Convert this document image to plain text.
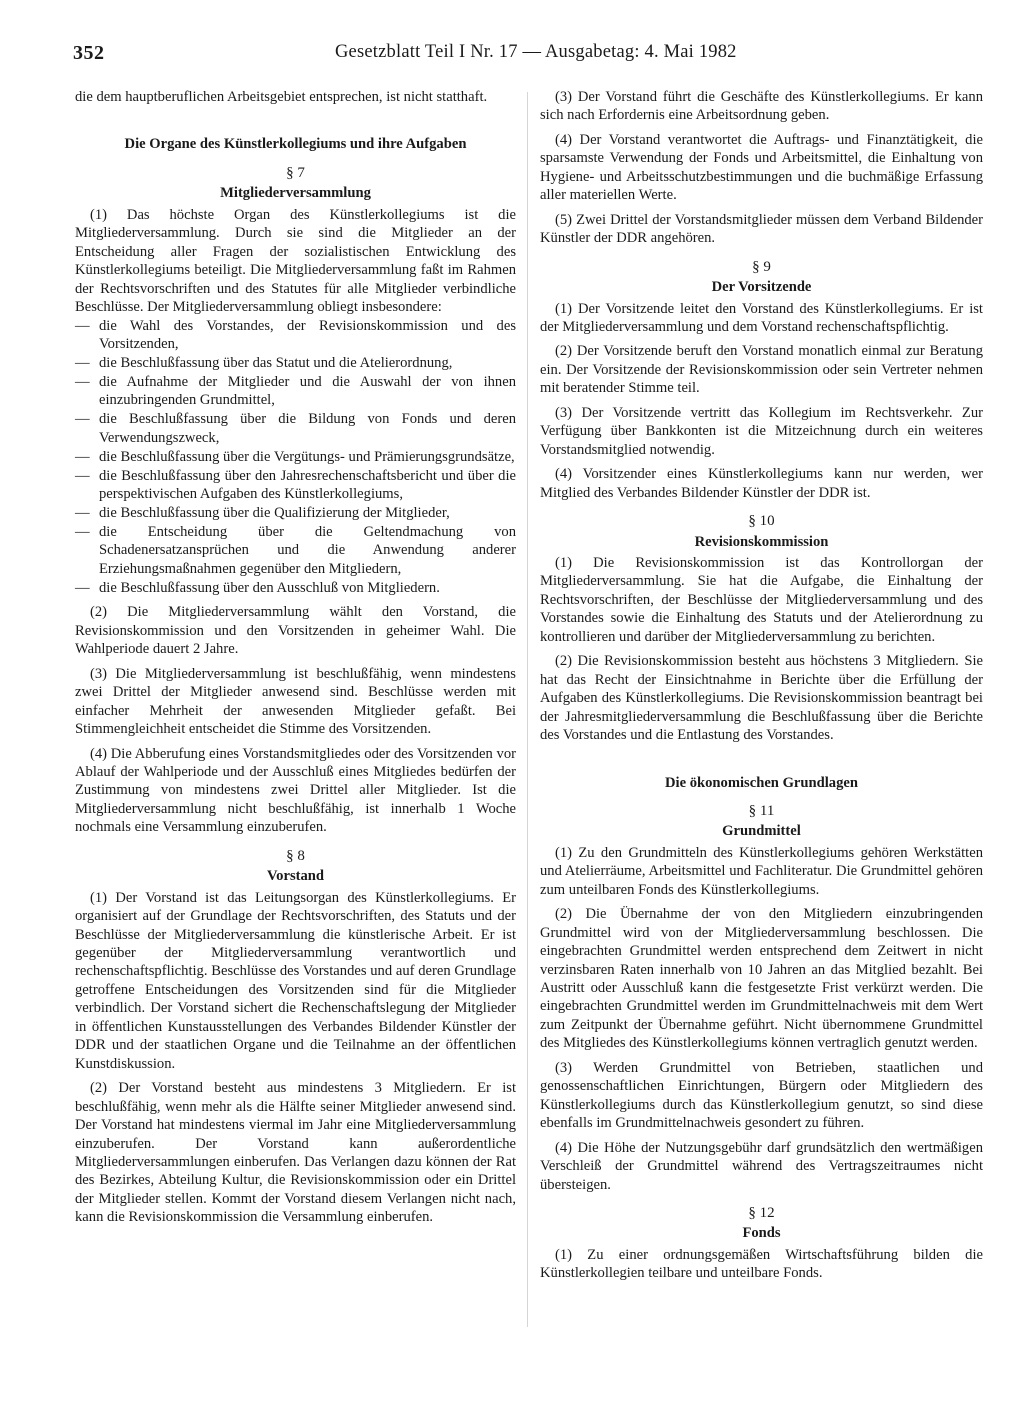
352	Gesetzblatt Teil I Nr. 17 — Ausgabetag: 4. Mai 1982

die dem hauptberuflichen Arbeitsgebiet entsprechen, ist nicht statthaft.

Die Organe des Künstlerkollegiums und ihre Aufgaben
§ 7
Mitgliederversammlung

(1) Das höchste Organ des Künstlerkollegiums ist die Mitgliederversammlung. Durch sie sind die Mitglieder an der Entscheidung aller Fragen der sozialistischen Entwicklung des Künstlerkollegiums beteiligt. Die Mitgliederversammlung faßt im Rahmen der Rechtsvorschriften und des Statutes für alle Mitglieder verbindliche Beschlüsse. Der Mitgliederversammlung obliegt insbesondere:

— die Wahl des Vorstandes, der Revisionskommission und des Vorsitzenden,
— die Beschlußfassung über das Statut und die Atelierordnung,
— die Aufnahme der Mitglieder und die Auswahl der von ihnen einzubringenden Grundmittel,
— die Beschlußfassung über die Bildung von Fonds und deren Verwendungszweck,
— die Beschlußfassung über die Vergütungs- und Prämierungsgrundsätze,
— die Beschlußfassung über den Jahresrechenschaftsbericht und über die perspektivischen Aufgaben des Künstlerkollegiums,
— die Beschlußfassung über die Qualifizierung der Mitglieder,
— die Entscheidung über die Geltendmachung von Schadenersatzansprüchen und die Anwendung anderer Erziehungsmaßnahmen gegenüber den Mitgliedern,
— die Beschlußfassung über den Ausschluß von Mitgliedern.

(2) Die Mitgliederversammlung wählt den Vorstand, die Revisionskommission und den Vorsitzenden in geheimer Wahl. Die Wahlperiode dauert 2 Jahre.

(3) Die Mitgliederversammlung ist beschlußfähig, wenn mindestens zwei Drittel der Mitglieder anwesend sind. Beschlüsse werden mit einfacher Mehrheit der anwesenden Mitglieder gefaßt. Bei Stimmengleichheit entscheidet die Stimme des Vorsitzenden.

(4) Die Abberufung eines Vorstandsmitgliedes oder des Vorsitzenden vor Ablauf der Wahlperiode und der Ausschluß eines Mitgliedes bedürfen der Zustimmung von mindestens zwei Drittel aller Mitglieder. Ist die Mitgliederversammlung nicht beschlußfähig, ist innerhalb 1 Woche nochmals eine Versammlung einzuberufen.

§ 8
Vorstand

(1) Der Vorstand ist das Leitungsorgan des Künstlerkollegiums. Er organisiert auf der Grundlage der Rechtsvorschriften, des Statuts und der Beschlüsse der Mitgliederversammlung die künstlerische Arbeit. Er ist gegenüber der Mitgliederversammlung verantwortlich und rechenschaftspflichtig. Beschlüsse des Vorstandes und auf deren Grundlage getroffene Entscheidungen des Vorsitzenden sind für die Mitglieder verbindlich. Der Vorstand sichert die Rechenschaftslegung der Mitglieder in öffentlichen Kunstausstellungen des Verbandes Bildender Künstler der DDR und der staatlichen Organe und die Teilnahme an der öffentlichen Kunstdiskussion.

(2) Der Vorstand besteht aus mindestens 3 Mitgliedern. Er ist beschlußfähig, wenn mehr als die Hälfte seiner Mitglieder anwesend sind. Der Vorstand hat mindestens viermal im Jahr eine Mitgliederversammlung einzuberufen. Der Vorstand kann außerordentliche Mitgliederversammlungen einberufen. Das Verlangen dazu können der Rat des Bezirkes, Abteilung Kultur, die Revisionskommission oder ein Drittel der Mitglieder stellen. Kommt der Vorstand diesem Verlangen nicht nach, kann die Revisionskommission die Versammlung einberufen.

(3) Der Vorstand führt die Geschäfte des Künstlerkollegiums. Er kann sich nach Erfordernis eine Arbeitsordnung geben.

(4) Der Vorstand verantwortet die Auftrags- und Finanztätigkeit, die sparsamste Verwendung der Fonds und Arbeitsmittel, die Einhaltung von Hygiene- und Arbeitsschutzbestimmungen und die buchmäßige Erfassung aller materiellen Werte.

(5) Zwei Drittel der Vorstandsmitglieder müssen dem Verband Bildender Künstler der DDR angehören.

§ 9
Der Vorsitzende

(1) Der Vorsitzende leitet den Vorstand des Künstlerkollegiums. Er ist der Mitgliederversammlung und dem Vorstand rechenschaftspflichtig.

(2) Der Vorsitzende beruft den Vorstand monatlich einmal zur Beratung ein. Der Vorsitzende der Revisionskommission oder sein Vertreter nehmen mit beratender Stimme teil.

(3) Der Vorsitzende vertritt das Kollegium im Rechtsverkehr. Zur Verfügung über Bankkonten ist die Mitzeichnung durch ein weiteres Vorstandsmitglied notwendig.

(4) Vorsitzender eines Künstlerkollegiums kann nur werden, wer Mitglied des Verbandes Bildender Künstler der DDR ist.

§ 10
Revisionskommission

(1) Die Revisionskommission ist das Kontrollorgan der Mitgliederversammlung. Sie hat die Aufgabe, die Einhaltung der Rechtsvorschriften, der Beschlüsse der Mitgliederversammlung und des Vorstandes sowie die Einhaltung des Statuts und der Atelierordnung zu kontrollieren und darüber der Mitgliederversammlung zu berichten.

(2) Die Revisionskommission besteht aus höchstens 3 Mitgliedern. Sie hat das Recht der Einsichtnahme in Berichte über die Erfüllung der Aufgaben des Künstlerkollegiums. Die Revisionskommission beantragt bei der Jahresmitgliederversammlung die Beschlußfassung über die Berichte des Vorstandes und die Entlastung des Vorstandes.

Die ökonomischen Grundlagen
§ 11
Grundmittel

(1) Zu den Grundmitteln des Künstlerkollegiums gehören Werkstätten und Atelierräume, Arbeitsmittel und Fachliteratur. Die Grundmittel gehören zum unteilbaren Fonds des Künstlerkollegiums.

(2) Die Übernahme der von den Mitgliedern einzubringenden Grundmittel wird von der Mitgliederversammlung beschlossen. Die eingebrachten Grundmittel werden entsprechend dem Zeitwert in nicht verzinsbaren Raten innerhalb von 10 Jahren an das Mitglied bezahlt. Bei Austritt oder Ausschluß kann die festgesetzte Frist verkürzt werden. Die eingebrachten Grundmittel werden im Grundmittelnachweis mit dem Wert zum Zeitpunkt der Übernahme geführt. Nicht übernommene Grundmittel des Mitgliedes des Künstlerkollegiums können vertraglich genutzt werden.

(3) Werden Grundmittel von Betrieben, staatlichen und genossenschaftlichen Einrichtungen, Bürgern oder Mitgliedern des Künstlerkollegiums durch das Künstlerkollegium genutzt, so sind diese ebenfalls im Grundmittelnachweis gesondert zu führen.

(4) Die Höhe der Nutzungsgebühr darf grundsätzlich den wertmäßigen Verschleiß der Grundmittel während des Vertragszeitraumes nicht übersteigen.

§ 12
Fonds

(1) Zu einer ordnungsgemäßen Wirtschaftsführung bilden die Künstlerkollegien teilbare und unteilbare Fonds.
